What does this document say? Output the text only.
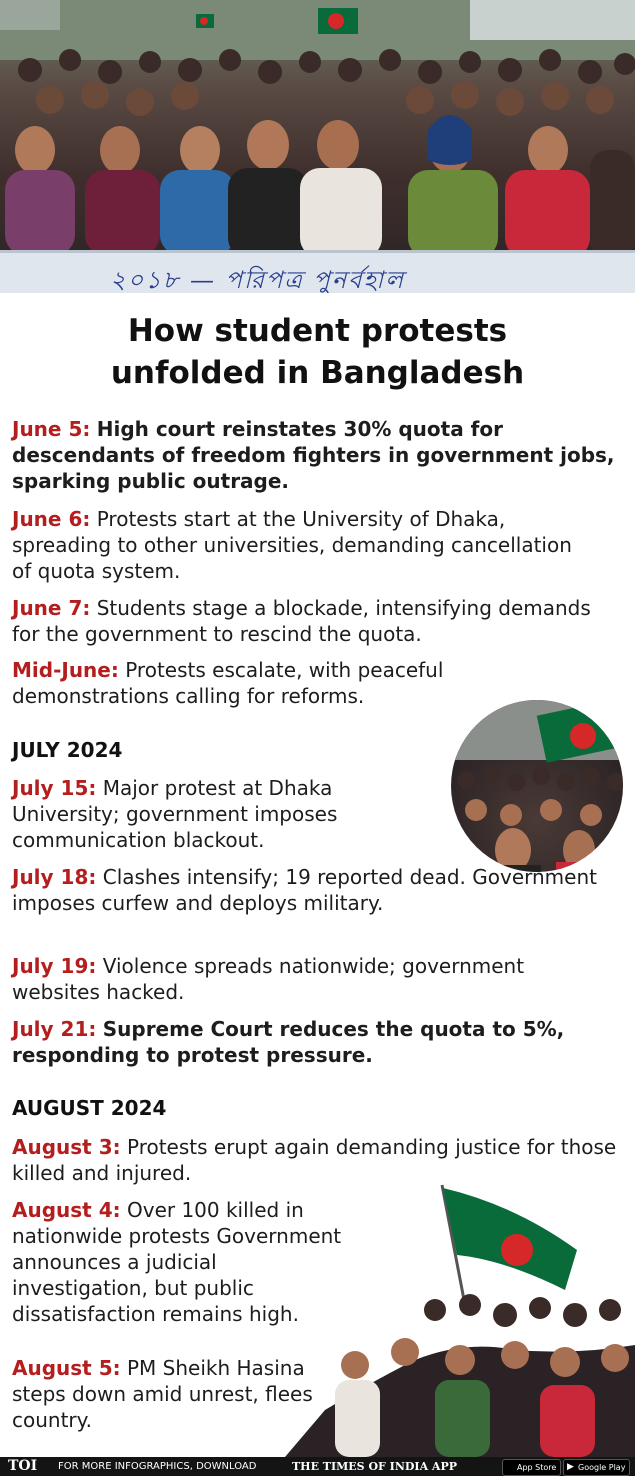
২০১৮ — পরিপত্র পুনর্বহাল
How student protests
unfolded in Bangladesh
June 5: High court reinstates 30% quota for descendants of freedom fighters in government jobs, sparking public outrage.
June 6: Protests start at the University of Dhaka, spreading to other universities, demanding cancellation of quota system.
June 7: Students stage a blockade, intensifying demands for the government to rescind the quota.
Mid-June: Protests escalate, with peaceful demonstrations calling for reforms.
JULY 2024
July 15: Major protest at Dhaka University; government imposes communication blackout.
July 18: Clashes intensify; 19 reported dead. Government imposes curfew and deploys military.
July 19: Violence spreads nationwide; government websites hacked.
July 21: Supreme Court reduces the quota to 5%, responding to protest pressure.
AUGUST 2024
August 3: Protests erupt again demanding justice for those killed and injured.
August 4: Over 100 killed in nationwide protests Government announces a judicial investigation, but public dissatisfaction remains high.
August 5: PM Sheikh Hasina steps down amid unrest, flees country.
TOI FOR MORE INFOGRAPHICS, DOWNLOAD	THE TIMES OF INDIA APP	App Store	▶ Google Play
